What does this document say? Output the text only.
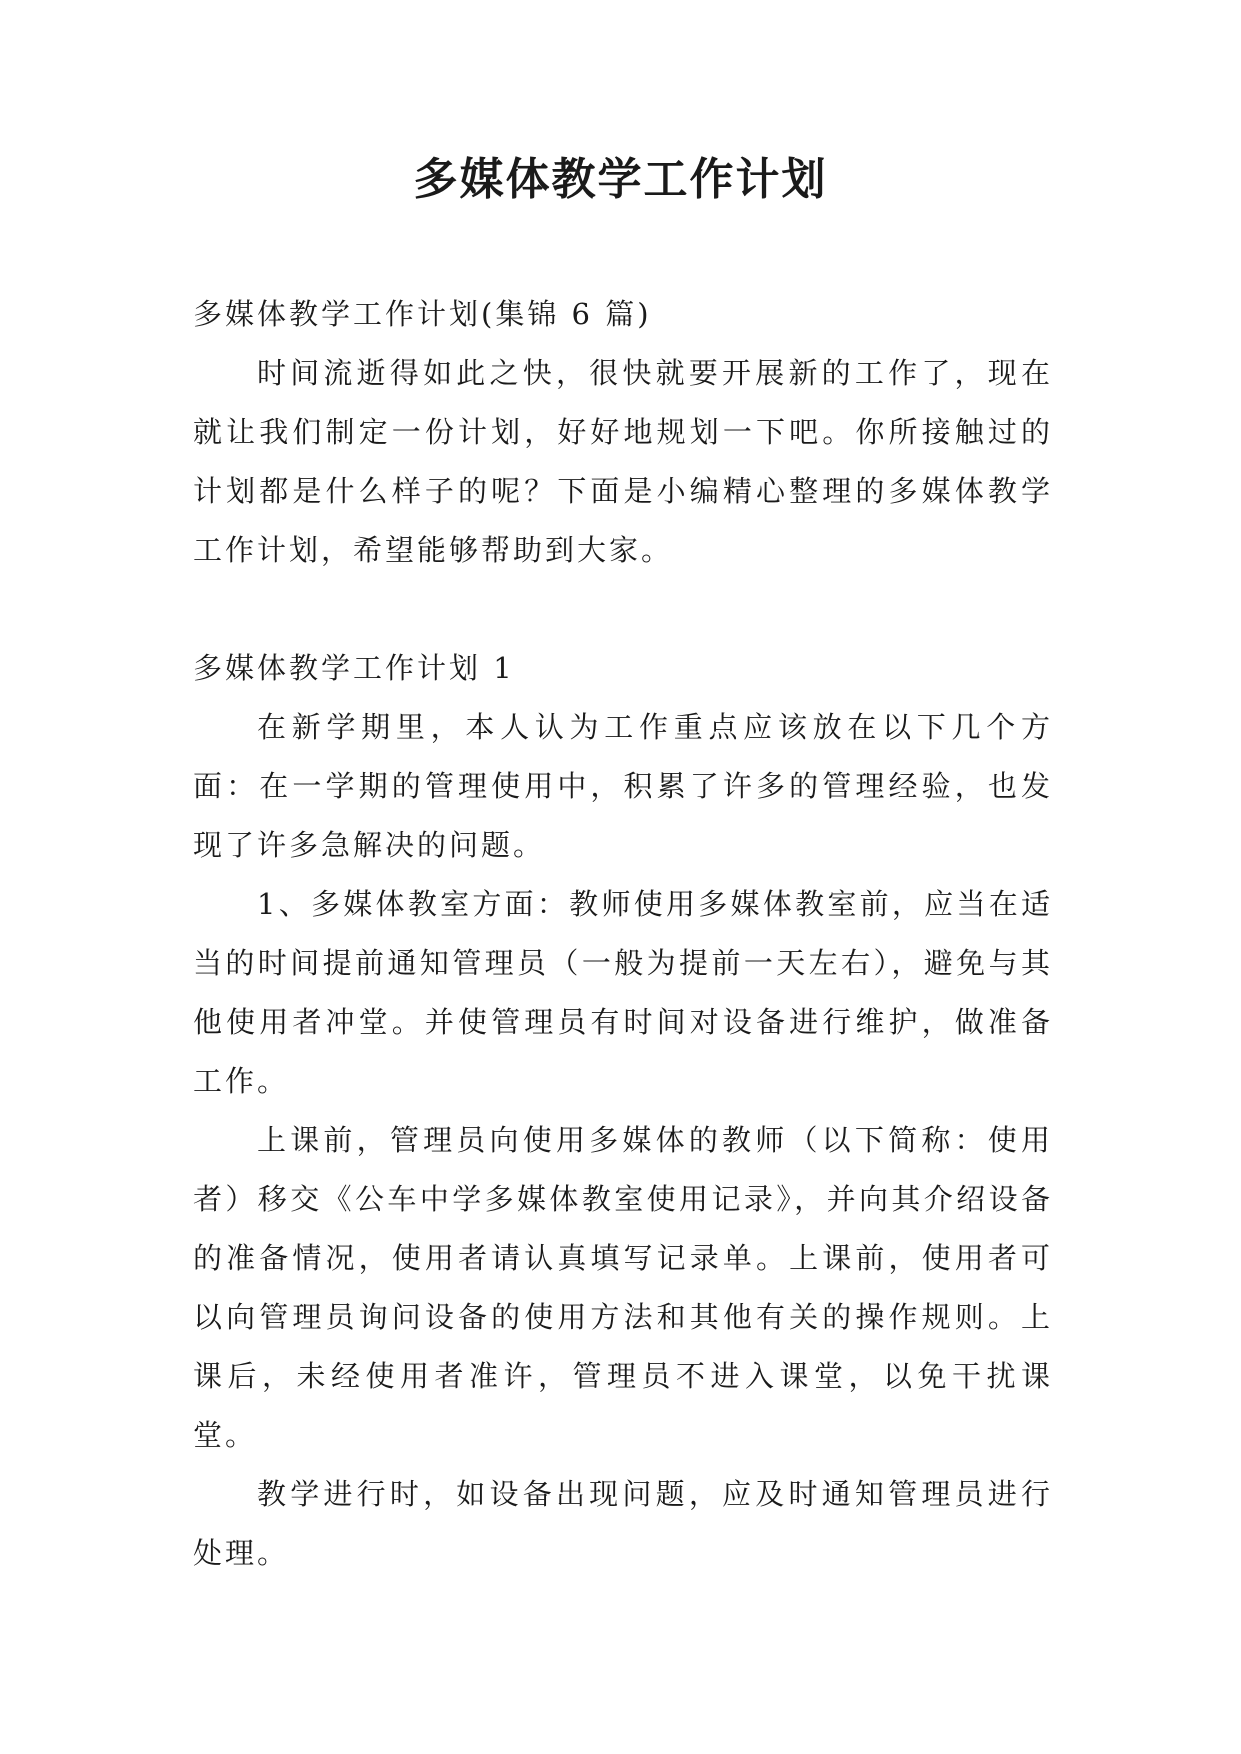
多媒体教学工作计划

多媒体教学工作计划(集锦 6 篇)

时间流逝得如此之快，很快就要开展新的工作了，现在就让我们制定一份计划，好好地规划一下吧。你所接触过的计划都是什么样子的呢？下面是小编精心整理的多媒体教学工作计划，希望能够帮助到大家。

多媒体教学工作计划 1

在新学期里，本人认为工作重点应该放在以下几个方面：在一学期的管理使用中，积累了许多的管理经验，也发现了许多急解决的问题。

1、多媒体教室方面：教师使用多媒体教室前，应当在适当的时间提前通知管理员（一般为提前一天左右），避免与其他使用者冲堂。并使管理员有时间对设备进行维护，做准备工作。

上课前，管理员向使用多媒体的教师（以下简称：使用者）移交《公车中学多媒体教室使用记录》，并向其介绍设备的准备情况，使用者请认真填写记录单。上课前，使用者可以向管理员询问设备的使用方法和其他有关的操作规则。上课后，未经使用者准许，管理员不进入课堂，以免干扰课堂。

教学进行时，如设备出现问题，应及时通知管理员进行处理。
